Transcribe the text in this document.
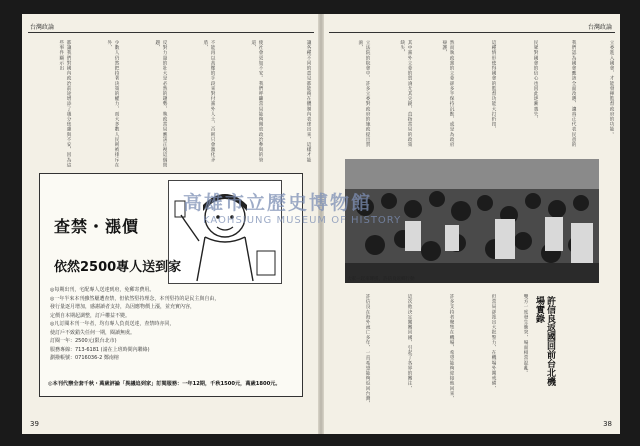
台灣政論
都讓我們對國內政治前途增添了幾分焦慮與不安，因為這些事件顯示出	少數人仍然把持著決策的權力，而大多數人民則被排斥在外，	反對力量的壯大是必然的趨勢，執政當局應該正視這個問題，	不能再以高壓的手段來對付黨外人士，否則只會激化矛盾，	使社會更加不安。我們呼籲當局能夠開放政治參與的管道，	讓各種不同的意見都能夠在體制內表達出來，這樣才能
查禁・漲價
依然2500專人送到家
◎每期出刊，宅配專人送達到府，免郵寄費用。
◎一年半來本刊雖然屢遭查禁，但依然堅持理念，本刊堅持的是民主與自由，
發行量逐月增加，感謝讀者支持，為因應物價上漲，並充實內容，
定價自本期起調整，訂戶權益不變。
◎凡訂閱本刊一年者，均有專人負責送達，查禁時亦同，
使訂戶不致錯失任何一期，閱讀無虞。
訂閱一年：2500元(限台北市)
服務專線：713-6181 (請在上班時間內聯絡)
劃撥帳號：0716036-2 鄭南榕
◎本刊代辦全套千秋・萬歲評論「異議追到家」訂閱服務：一年12期，千秋1500元，萬歲1800元。
39
台灣政論
立法院的院會中，許多立委對政府的施政提出質詢，	其中黨外立委的質詢尤其尖銳，直指當局的政策缺失，	然而執政黨的立委卻多半保持沉默，或是為政府辯護，	這種情形使得國會的監督功能大打折扣，	民眾對國會的信心也因此逐漸喪失，	我們認為國會應該全面改選，讓真正代表民意的	立委進入國會，才能發揮監督政府的功能。
大家一起來聲援，許信良返鄉行動
許信良在海外流亡多年，一直希望能夠返回台灣，	這次他決定闖關回國，引起了各界的關注，	許多支持者聚集在機場，希望能夠迎接他回來，	但當局卻派出大批警力，在機場外圍戒備，	雙方一度發生衝突，場面相當混亂。	許信良返國回前台北機場實錄
38
高雄市立歷史博物館
KAOHSIUNG MUSEUM OF HISTORY
